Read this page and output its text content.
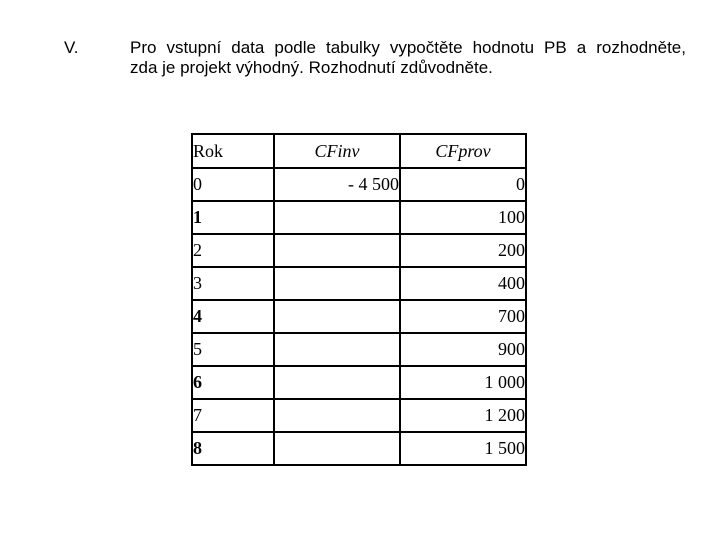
V.	Pro vstupní data podle tabulky vypočtěte hodnotu PB a rozhodněte,
zda je projekt výhodný. Rozhodnutí zdůvodněte.
Rok	CFinv	CFprov
0	- 4 500	0
1		100
2		200
3		400
4		700
5		900
6		1 000
7		1 200
8		1 500
